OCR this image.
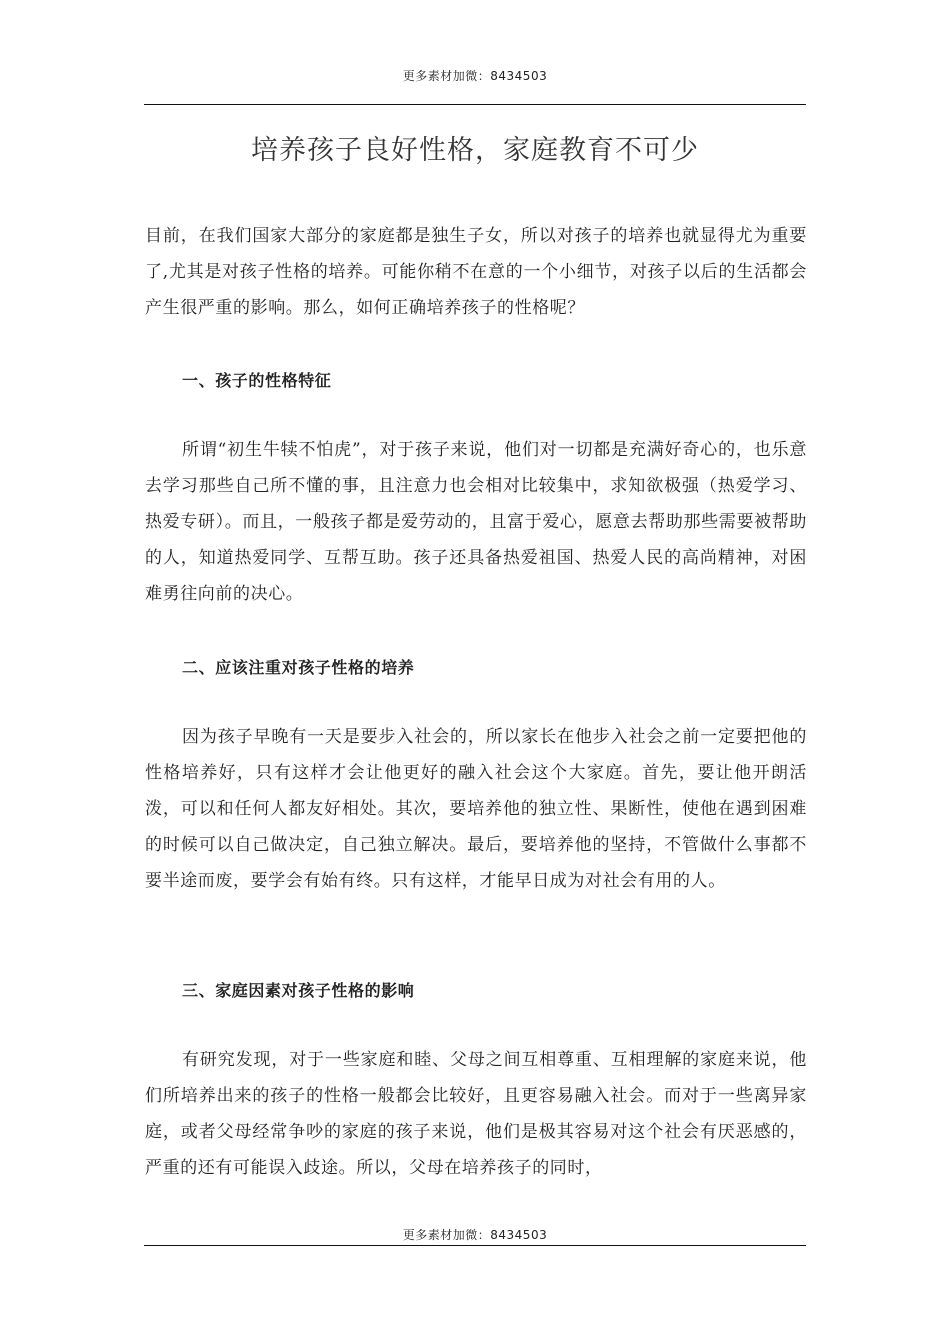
更多素材加微：8434503
培养孩子良好性格，家庭教育不可少

目前，在我们国家大部分的家庭都是独生子女，所以对孩子的培养也就显得尤为重要了,尤其是对孩子性格的培养。可能你稍不在意的一个小细节，对孩子以后的生活都会产生很严重的影响。那么，如何正确培养孩子的性格呢？

一、孩子的性格特征

所谓“初生牛犊不怕虎”，对于孩子来说，他们对一切都是充满好奇心的，也乐意去学习那些自己所不懂的事，且注意力也会相对比较集中，求知欲极强（热爱学习、热爱专研）。而且，一般孩子都是爱劳动的，且富于爱心，愿意去帮助那些需要被帮助的人，知道热爱同学、互帮互助。孩子还具备热爱祖国、热爱人民的高尚精神，对困难勇往向前的决心。

二、应该注重对孩子性格的培养

因为孩子早晚有一天是要步入社会的，所以家长在他步入社会之前一定要把他的性格培养好，只有这样才会让他更好的融入社会这个大家庭。首先，要让他开朗活泼，可以和任何人都友好相处。其次，要培养他的独立性、果断性，使他在遇到困难的时候可以自己做决定，自己独立解决。最后，要培养他的坚持，不管做什么事都不要半途而废，要学会有始有终。只有这样，才能早日成为对社会有用的人。

三、家庭因素对孩子性格的影响

有研究发现，对于一些家庭和睦、父母之间互相尊重、互相理解的家庭来说，他们所培养出来的孩子的性格一般都会比较好，且更容易融入社会。而对于一些离异家庭，或者父母经常争吵的家庭的孩子来说，他们是极其容易对这个社会有厌恶感的，严重的还有可能误入歧途。所以，父母在培养孩子的同时，

更多素材加微：8434503
